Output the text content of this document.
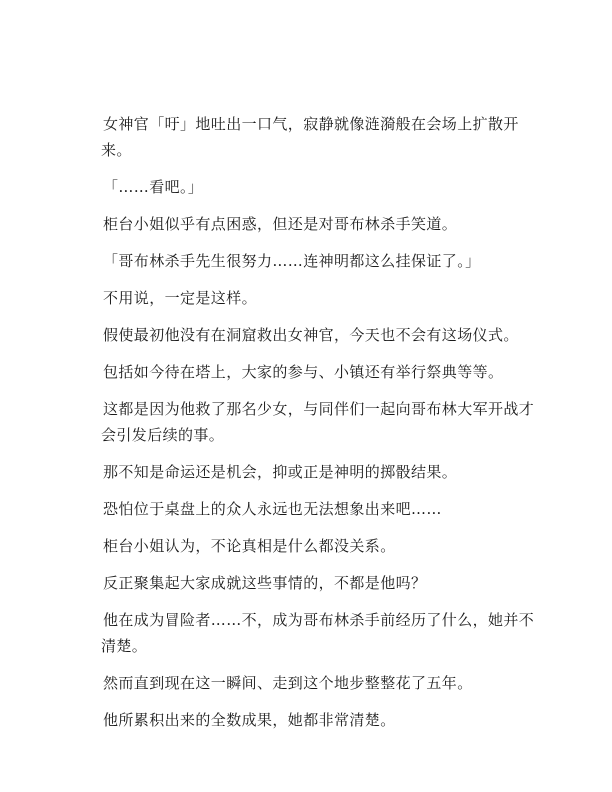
女神官「吁」地吐出一口气，寂静就像涟漪般在会场上扩散开来。

「……看吧。」

柜台小姐似乎有点困惑，但还是对哥布林杀手笑道。

「哥布林杀手先生很努力……连神明都这么挂保证了。」

不用说，一定是这样。

假使最初他没有在洞窟救出女神官，今天也不会有这场仪式。

包括如今待在塔上，大家的参与、小镇还有举行祭典等等。

这都是因为他救了那名少女，与同伴们一起向哥布林大军开战才会引发后续的事。

那不知是命运还是机会，抑或正是神明的掷骰结果。

恐怕位于桌盘上的众人永远也无法想象出来吧……

柜台小姐认为，不论真相是什么都没关系。

反正聚集起大家成就这些事情的，不都是他吗？

他在成为冒险者……不，成为哥布林杀手前经历了什么，她并不清楚。

然而直到现在这一瞬间、走到这个地步整整花了五年。

他所累积出来的全数成果，她都非常清楚。
